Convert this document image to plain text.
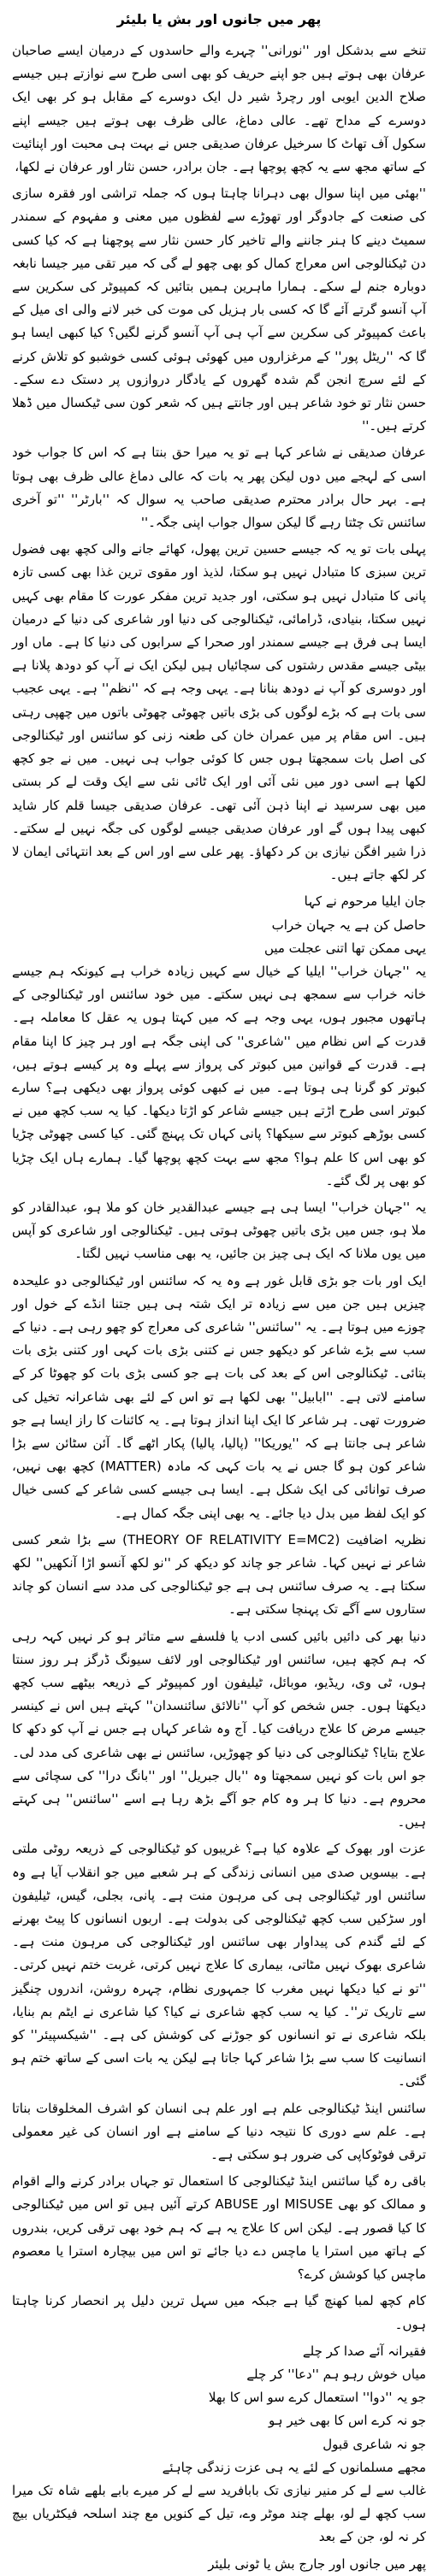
پھر میں جانوں اور بش یا بلیئر

تنخے سے بدشکل اور ''نورانی'' چہرے والے حاسدوں کے درمیان ایسے صاحبان عرفان بھی ہوتے ہیں جو اپنے حریف کو بھی اسی طرح سے نوازتے ہیں جیسے صلاح الدین ایوبی اور رچرڈ شیر دل ایک دوسرے کے مقابل ہو کر بھی ایک دوسرے کے مداح تھے۔ عالی دماغ، عالی ظرف بھی ہوتے ہیں جیسے اپنے سکول آف تھاٹ کا سرخیل عرفان صدیقی جس نے بہت ہی محبت اور اپنائیت کے ساتھ مجھ سے یہ کچھ پوچھا ہے۔ جان برادر، حسن نثار اور عرفان نے لکھا،

''بھئی میں اپنا سوال بھی دہرانا چاہتا ہوں کہ جملہ تراشی اور فقرہ سازی کی صنعت کے جادوگر اور تھوڑے سے لفظوں میں معنی و مفہوم کے سمندر سمیٹ دینے کا ہنر جاننے والے تاخیر کار حسن نثار سے پوچھنا ہے کہ کیا کسی دن ٹیکنالوجی اس معراج کمال کو بھی چھو لے گی کہ میر تقی میر جیسا نابغہ دوبارہ جنم لے سکے۔ ہمارا ماہرین ہمیں بتائیں کہ کمپیوٹر کی سکرین سے آپ آنسو گرتے آئے گا کہ کسی بار ہزیل کی موت کی خبر لانے والی ای میل کے باعث کمپیوٹر کی سکرین سے آپ ہی آپ آنسو گرنے لگیں؟ کیا کبھی ایسا ہو گا کہ ''ریٹل پور'' کے مرغزاروں میں کھوئی ہوئی کسی خوشبو کو تلاش کرنے کے لئے سرچ انجن گم شدہ گھروں کے یادگار دروازوں پر دستک دے سکے۔ حسن نثار تو خود شاعر ہیں اور جانتے ہیں کہ شعر کون سی ٹیکسال میں ڈھلا کرتے ہیں۔''

عرفان صدیقی نے شاعر کہا ہے تو یہ میرا حق بنتا ہے کہ اس کا جواب خود اسی کے لہجے میں دوں لیکن پھر یہ بات کہ عالی دماغ عالی ظرف بھی ہوتا ہے۔ بہر حال برادر محترم صدیقی صاحب یہ سوال کہ ''بارٹر'' ''تو آخری سائنس تک چٹتا رہے گا لیکن سوال جواب اپنی جگہ۔''

پہلی بات تو یہ کہ جیسے حسین ترین پھول، کھائے جانے والی کچھ بھی فضول ترین سبزی کا متبادل نہیں ہو سکتا، لذیذ اور مقوی ترین غذا بھی کسی تازہ پانی کا متبادل نہیں ہو سکتی، اور جدید ترین مفکر عورت کا مقام بھی کہیں نہیں سکتا، بنیادی، ڈرامائی، ٹیکنالوجی کی دنیا اور شاعری کی دنیا کے درمیان ایسا ہی فرق ہے جیسے سمندر اور صحرا کے سرابوں کی دنیا کا ہے۔ ماں اور بیٹی جیسے مقدس رشتوں کی سچائیاں ہیں لیکن ایک نے آپ کو دودھ پلانا ہے اور دوسری کو آپ نے دودھ بنانا ہے۔ یہی وجہ ہے کہ ''نظم'' ہے۔ یہی عجیب سی بات ہے کہ بڑے لوگوں کی بڑی باتیں چھوٹی چھوٹی باتوں میں چھپی رہتی ہیں۔ اس مقام پر میں عمران خان کی طعنہ زنی کو سائنس اور ٹیکنالوجی کی اصل بات سمجھتا ہوں جس کا کوئی جواب ہی نہیں۔ میں نے جو کچھ لکھا ہے اسی دور میں نئی آئی اور ایک ٹائی نئی سے ایک وقت لے کر بستی میں بھی سرسید نے اپنا ذہن آئی تھی۔ عرفان صدیقی جیسا قلم کار شاید کبھی پیدا ہوں گے اور عرفان صدیقی جیسے لوگوں کی جگہ نہیں لے سکتے۔ ذرا شیر افگن نیازی بن کر دکھاؤ۔ پھر علی سے اور اس کے بعد انتہائی ایمان لا کر لکھ جاتے ہیں۔

جان ایلیا مرحوم نے کہا
حاصل کن ہے یہ جہان خراب
یہی ممکن تھا اتنی عجلت میں

یہ ''جہان خراب'' ایلیا کے خیال سے کہیں زیادہ خراب ہے کیونکہ ہم جیسے خانہ خراب سے سمجھ ہی نہیں سکتے۔ میں خود سائنس اور ٹیکنالوجی کے ہاتھوں مجبور ہوں، یہی وجہ ہے کہ میں کہتا ہوں یہ عقل کا معاملہ ہے۔ قدرت کے اس نظام میں ''شاعری'' کی اپنی جگہ ہے اور ہر چیز کا اپنا مقام ہے۔ قدرت کے قوانین میں کبوتر کی پرواز سے پہلے وہ پر کیسے ہوتے ہیں، کبوتر کو گرنا ہی ہوتا ہے۔ میں نے کبھی کوئی پرواز بھی دیکھی ہے؟ سارے کبوتر اسی طرح اڑتے ہیں جیسے شاعر کو اڑتا دیکھا۔ کیا یہ سب کچھ میں نے کسی بوڑھے کبوتر سے سیکھا؟ پانی کہاں تک پہنچ گئی۔ کیا کسی چھوٹی چڑیا کو بھی اس کا علم ہوا؟ مجھ سے بہت کچھ پوچھا گیا۔ ہمارے ہاں ایک چڑیا کو بھی پر لگ گئے۔

یہ ''جہان خراب'' ایسا ہی ہے جیسے عبدالقدیر خان کو ملا ہو، عبدالقادر کو ملا ہو، جس میں بڑی باتیں چھوٹی ہوتی ہیں۔ ٹیکنالوجی اور شاعری کو آپس میں یوں ملانا کہ ایک ہی چیز بن جائیں، یہ بھی مناسب نہیں لگتا۔

ایک اور بات جو بڑی قابل غور ہے وہ یہ کہ سائنس اور ٹیکنالوجی دو علیحدہ چیزیں ہیں جن میں سے زیادہ تر ایک شتہ ہی ہیں جتنا انڈے کے خول اور چوزے میں ہوتا ہے۔ یہ ''سائنس'' شاعری کی معراج کو چھو رہی ہے۔ دنیا کے سب سے بڑے شاعر کو دیکھو جس نے کتنی بڑی بات کہی اور کتنی بڑی بات بتائی۔ ٹیکنالوجی اس کے بعد کی بات ہے جو کسی بڑی بات کو چھوٹا کر کے سامنے لاتی ہے۔ ''ابابیل'' بھی لکھا ہے تو اس کے لئے بھی شاعرانہ تخیل کی ضرورت تھی۔ ہر شاعر کا ایک اپنا انداز ہوتا ہے۔ یہ کائنات کا راز ایسا ہے جو شاعر ہی جانتا ہے کہ ''یوریکا'' (پالیا، پالیا) پکار اٹھے گا۔ آئن سٹائن سے بڑا شاعر کون ہو گا جس نے یہ بات کہی کہ مادہ (MATTER) کچھ بھی نہیں، صرف توانائی کی ایک شکل ہے۔ ایسا ہی جیسے کسی شاعر کے کسی خیال کو ایک لفظ میں بدل دیا جائے۔ یہ بھی اپنی جگہ کمال ہے۔

نظریہ اضافیت (THEORY OF RELATIVITY E=MC2) سے بڑا شعر کسی شاعر نے نہیں کہا۔ شاعر جو چاند کو دیکھ کر ''نو لکھ آنسو اڑا آنکھیں'' لکھ سکتا ہے۔ یہ صرف سائنس ہی ہے جو ٹیکنالوجی کی مدد سے انسان کو چاند ستاروں سے آگے تک پہنچا سکتی ہے۔

دنیا بھر کی دائیں بائیں کسی ادب یا فلسفے سے متاثر ہو کر نہیں کہہ رہی کہ ہم کچھ ہیں، سائنس اور ٹیکنالوجی اور لائف سیونگ ڈرگز ہر روز سنتا ہوں، ٹی وی، ریڈیو، موبائل، ٹیلیفون اور کمپیوٹر کے ذریعہ بیٹھے سب کچھ دیکھتا ہوں۔ جس شخص کو آپ ''نالائق سائنسدان'' کہتے ہیں اس نے کینسر جیسے مرض کا علاج دریافت کیا۔ آج وہ شاعر کہاں ہے جس نے آپ کو دکھ کا علاج بتایا؟ ٹیکنالوجی کی دنیا کو چھوڑیں، سائنس نے بھی شاعری کی مدد لی۔ جو اس بات کو نہیں سمجھتا وہ ''بال جبریل'' اور ''بانگ درا'' کی سچائی سے محروم ہے۔ دنیا کا ہر وہ کام جو آگے بڑھ رہا ہے اسے ''سائنس'' ہی کہتے ہیں۔

عزت اور بھوک کے علاوہ کیا ہے؟ غریبوں کو ٹیکنالوجی کے ذریعہ روٹی ملتی ہے۔ بیسویں صدی میں انسانی زندگی کے ہر شعبے میں جو انقلاب آیا ہے وہ سائنس اور ٹیکنالوجی ہی کی مرہون منت ہے۔ پانی، بجلی، گیس، ٹیلیفون اور سڑکیں سب کچھ ٹیکنالوجی کی بدولت ہے۔ اربوں انسانوں کا پیٹ بھرنے کے لئے گندم کی پیداوار بھی سائنس اور ٹیکنالوجی کی مرہون منت ہے۔ شاعری بھوک نہیں مٹاتی، بیماری کا علاج نہیں کرتی، غربت ختم نہیں کرتی۔ ''تو نے کیا دیکھا نہیں مغرب کا جمہوری نظام، چہرہ روشن، اندروں چنگیز سے تاریک تر''۔ کیا یہ سب کچھ شاعری نے کیا؟ کیا شاعری نے ایٹم بم بنایا، بلکہ شاعری نے تو انسانوں کو جوڑنے کی کوشش کی ہے۔ ''شیکسپیئر'' کو انسانیت کا سب سے بڑا شاعر کہا جاتا ہے لیکن یہ بات اسی کے ساتھ ختم ہو گئی۔

سائنس اینڈ ٹیکنالوجی علم ہے اور علم ہی انسان کو اشرف المخلوقات بناتا ہے۔ علم سے دوری کا نتیجہ دنیا کے سامنے ہے اور انسان کی غیر معمولی ترقی فوٹوکاپی کی ضرور ہو سکتی ہے۔

باقی رہ گیا سائنس اینڈ ٹیکنالوجی کا استعمال تو جہاں برادر کرنے والے اقوام و ممالک کو بھی MISUSE اور ABUSE کرتے آئیں ہیں تو اس میں ٹیکنالوجی کا کیا قصور ہے۔ لیکن اس کا علاج یہ ہے کہ ہم خود بھی ترقی کریں، بندروں کے ہاتھ میں استرا یا ماچس دے دیا جائے تو اس میں بیچارہ استرا یا معصوم ماچس کیا کوشش کرے؟

کام کچھ لمبا کھنچ گیا ہے جبکہ میں سہل ترین دلیل پر انحصار کرنا چاہتا ہوں۔

فقیرانہ آئے صدا کر چلے
میاں خوش رہو ہم ''دعا'' کر چلے
جو یہ ''دوا'' استعمال کرے سو اس کا بھلا
جو نہ کرے اس کا بھی خیر ہو
جو نہ شاعری قبول
مجھے مسلمانوں کے لئے یہ ہی عزت زندگی چاہئے

غالب سے لے کر منیر نیازی تک بابافرید سے لے کر میرے بابے بلھے شاہ تک میرا سب کچھ لے لو، بھلے چند موٹر وے، تیل کے کنویں مع چند اسلحہ فیکٹریاں بیچ کر نہ لو، جن کے بعد

پھر میں جانوں اور جارج بش یا ٹونی بلیئر
